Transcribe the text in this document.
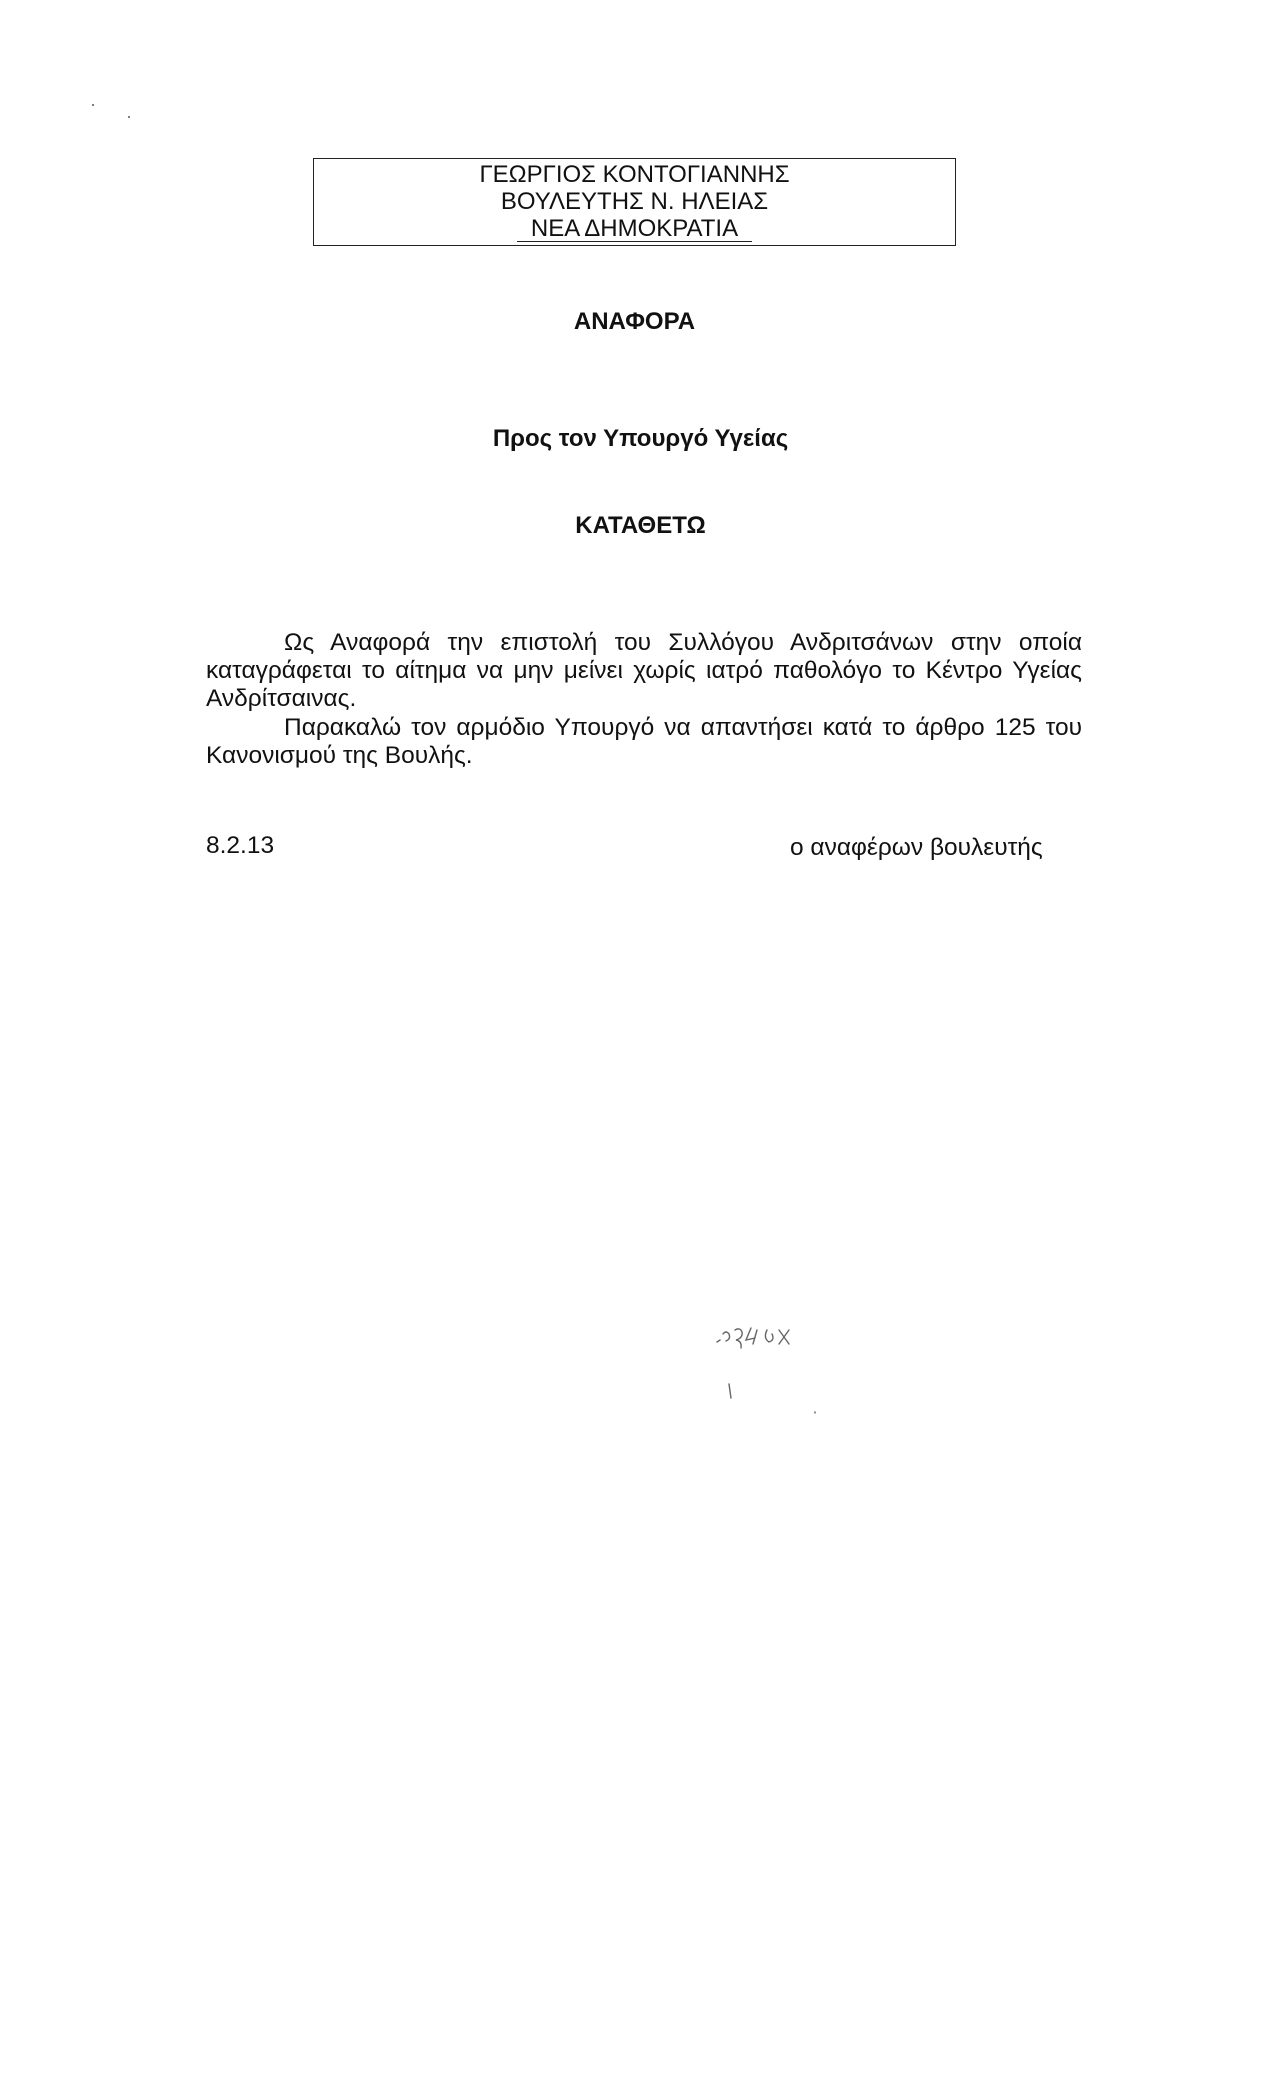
ΓΕΩΡΓΙΟΣ ΚΟΝΤΟΓΙΑΝΝΗΣ
ΒΟΥΛΕΥΤΗΣ Ν. ΗΛΕΙΑΣ
ΝΕΑ ΔΗΜΟΚΡΑΤΙΑ
ΑΝΑΦΟΡΑ
Προς τον Υπουργό Υγείας
ΚΑΤΑΘΕΤΩ

Ως Αναφορά την επιστολή του Συλλόγου Ανδριτσάνων στην οποία καταγράφεται το αίτημα να μην μείνει χωρίς ιατρό παθολόγο το Κέντρο Υγείας Ανδρίτσαινας.

Παρακαλώ τον αρμόδιο Υπουργό να απαντήσει κατά το άρθρο 125 του Κανονισμού της Βουλής.

8.2.13	ο αναφέρων βουλευτής
